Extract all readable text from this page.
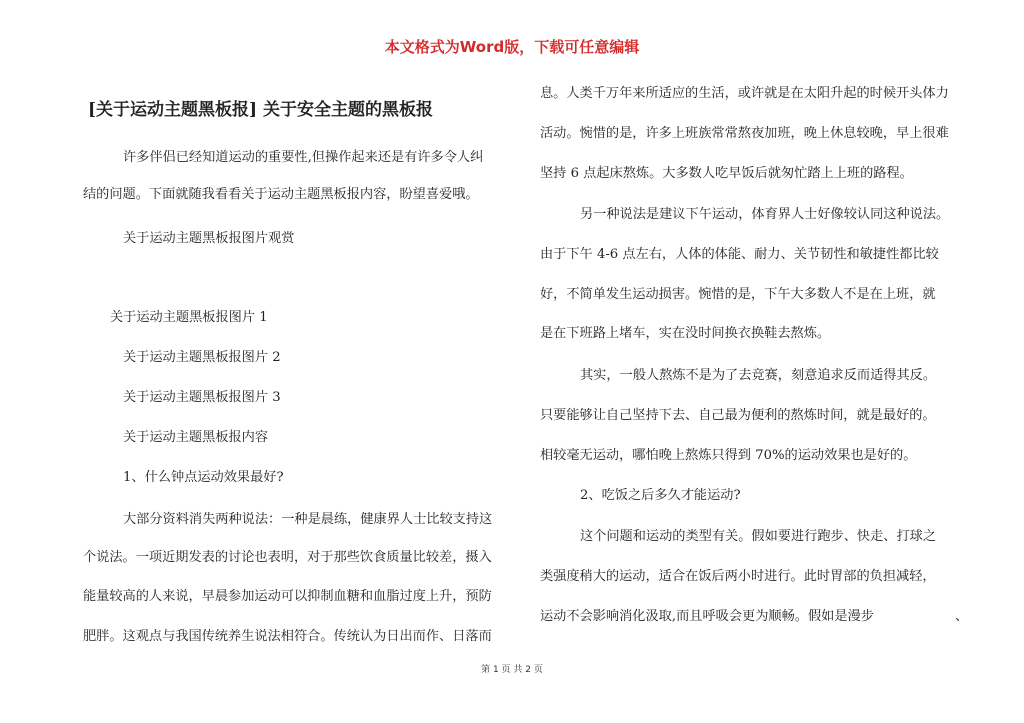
本文格式为Word版，下载可任意编辑
[关于运动主题黑板报] 关于安全主题的黑板报
许多伴侣已经知道运动的重要性,但操作起来还是有许多令人纠
结的问题。下面就随我看看关于运动主题黑板报内容，盼望喜爱哦。
关于运动主题黑板报图片观赏
关于运动主题黑板报图片 1
关于运动主题黑板报图片 2
关于运动主题黑板报图片 3
关于运动主题黑板报内容
1、什么钟点运动效果最好?
大部分资料消失两种说法：一种是晨练，健康界人士比较支持这
个说法。一项近期发表的讨论也表明，对于那些饮食质量比较差，摄入
能量较高的人来说，早晨参加运动可以抑制血糖和血脂过度上升，预防
肥胖。这观点与我国传统养生说法相符合。传统认为日出而作、日落而
息。人类千万年来所适应的生活，或许就是在太阳升起的时候开头体力
活动。惋惜的是，许多上班族常常熬夜加班，晚上休息较晚，早上很难
坚持 6 点起床熬炼。大多数人吃早饭后就匆忙踏上上班的路程。
另一种说法是建议下午运动，体育界人士好像较认同这种说法。
由于下午 4-6 点左右，人体的体能、耐力、关节韧性和敏捷性都比较
好，不简单发生运动损害。惋惜的是，下午大多数人不是在上班，就
是在下班路上堵车，实在没时间换衣换鞋去熬炼。
其实，一般人熬炼不是为了去竞赛，刻意追求反而适得其反。
只要能够让自己坚持下去、自己最为便利的熬炼时间，就是最好的。
相较毫无运动，哪怕晚上熬炼只得到 70%的运动效果也是好的。
2、吃饭之后多久才能运动?
这个问题和运动的类型有关。假如要进行跑步、快走、打球之
类强度稍大的运动，适合在饭后两小时进行。此时胃部的负担减轻，
运动不会影响消化汲取,而且呼吸会更为顺畅。假如是漫步	、
第 1 页 共 2 页
